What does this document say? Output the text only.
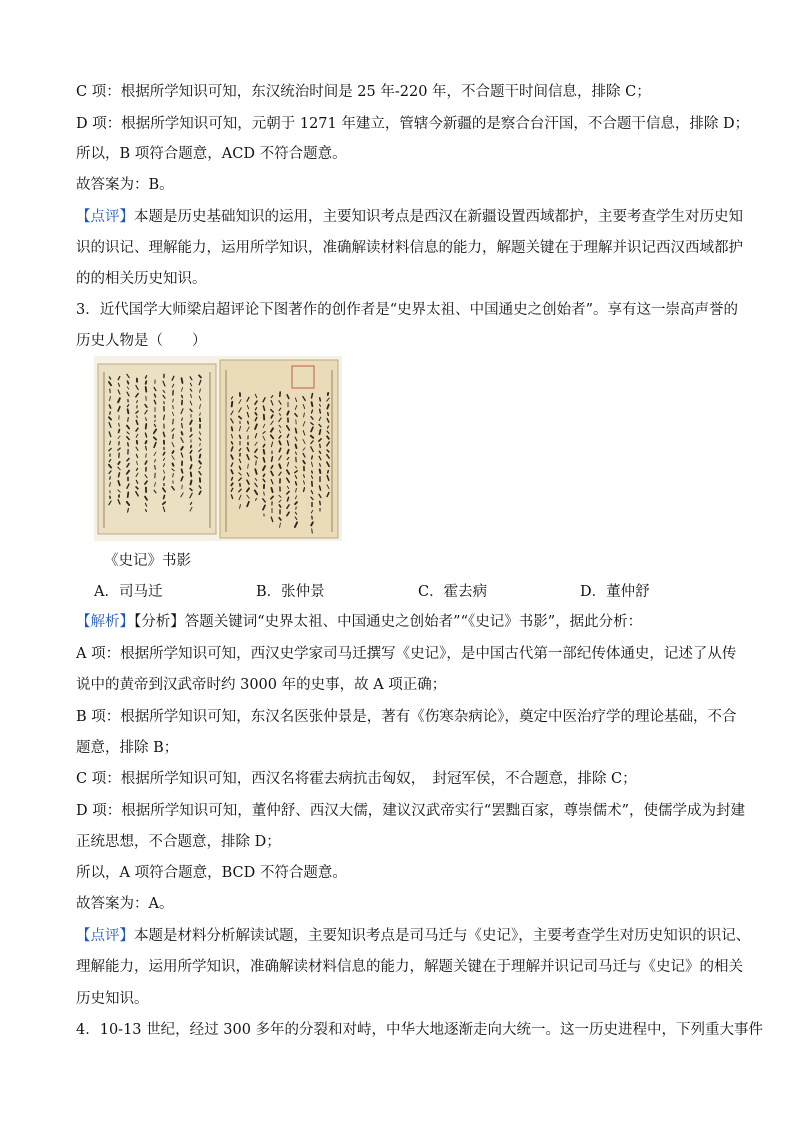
C 项：根据所学知识可知，东汉统治时间是 25 年-220 年，不合题干时间信息，排除 C；
D 项：根据所学知识可知，元朝于 1271 年建立，管辖今新疆的是察合台汗国，不合题干信息，排除 D；
所以，B 项符合题意，ACD 不符合题意。
故答案为：B。
【点评】本题是历史基础知识的运用，主要知识考点是西汉在新疆设置西域都护，主要考查学生对历史知
识的识记、理解能力，运用所学知识，准确解读材料信息的能力，解题关键在于理解并识记西汉西域都护
的的相关历史知识。
3．近代国学大师梁启超评论下图著作的创作者是“史界太祖、中国通史之创始者”。享有这一崇高声誉的
历史人物是（　　）
《史记》书影
A．司马迁	B．张仲景	C．霍去病	D．董仲舒
【解析】【分析】答题关键词“史界太祖、中国通史之创始者”“《史记》书影”，据此分析：
A 项：根据所学知识可知，西汉史学家司马迁撰写《史记》，是中国古代第一部纪传体通史，记述了从传
说中的黄帝到汉武帝时约 3000 年的史事，故 A 项正确；
B 项：根据所学知识可知，东汉名医张仲景是，著有《伤寒杂病论》，奠定中医治疗学的理论基础，不合
题意，排除 B；
C 项：根据所学知识可知，西汉名将霍去病抗击匈奴，　封冠军侯，不合题意，排除 C；
D 项：根据所学知识可知，董仲舒、西汉大儒，建议汉武帝实行“罢黜百家，尊崇儒术”，使儒学成为封建
正统思想，不合题意，排除 D；
所以，A 项符合题意，BCD 不符合题意。
故答案为：A。
【点评】本题是材料分析解读试题，主要知识考点是司马迁与《史记》，主要考查学生对历史知识的识记、
理解能力，运用所学知识，准确解读材料信息的能力，解题关键在于理解并识记司马迁与《史记》的相关
历史知识。
4．10-13 世纪，经过 300 多年的分裂和对峙，中华大地逐渐走向大统一。这一历史进程中，下列重大事件
